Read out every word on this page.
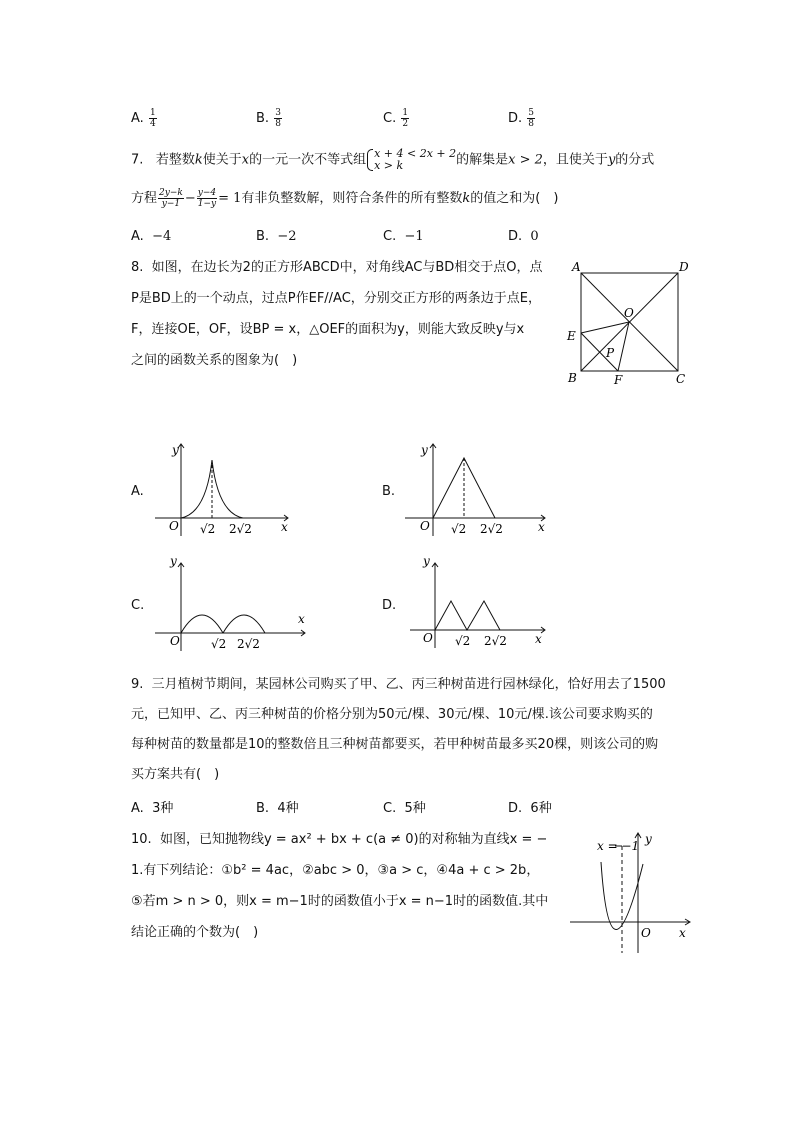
A. $\frac{1}{4}$	B. $\frac{3}{8}$	C. $\frac{1}{2}$	D. $\frac{5}{8}$
7. 若整数k使关于x的一元一次不等式组 x + 4 < 2x + 2
x > k	的解集是x > 2，且使关于y的分式
方程 $\frac{2y-k}{y-1} - \frac{y-4}{1-y} = 1$有非负整数解，则符合条件的所有整数k的值之和为(　)
A. −4	B. −2	C. −1	D. 0
8. 如图，在边长为2的正方形ABCD中，对角线AC与BD相交于点O，点
P是BD上的一个动点，过点P作EF//AC，分别交正方形的两条边于点E，
F，连接OE，OF，设BP = x，△OEF的面积为y，则能大致反映y与x
之间的函数关系的图象为(　)
A	D
B	C
O
E
F
P
A.
y
O √2 2√2 x
B.
y
O √2 2√2	x
C.
y
O	√2 2√2
x
D.
y
O √2 2√2 x
9. 三月植树节期间，某园林公司购买了甲、乙、丙三种树苗进行园林绿化，恰好用去了1500
元，已知甲、乙、丙三种树苗的价格分别为50元/棵、30元/棵、10元/棵.该公司要求购买的
每种树苗的数量都是10的整数倍且三种树苗都要买，若甲种树苗最多买20棵，则该公司的购
买方案共有(　)
A. 3种	B. 4种	C. 5种	D. 6种
10. 如图，已知抛物线y = ax² + bx + c(a ≠ 0)的对称轴为直线x = −
1.有下列结论：①b² = 4ac，②abc > 0，③a > c，④4a + c > 2b，
⑤若m > n > 0，则x = m−1时的函数值小于x = n−1时的函数值.其中
结论正确的个数为(　)
x = −1 y
O x
